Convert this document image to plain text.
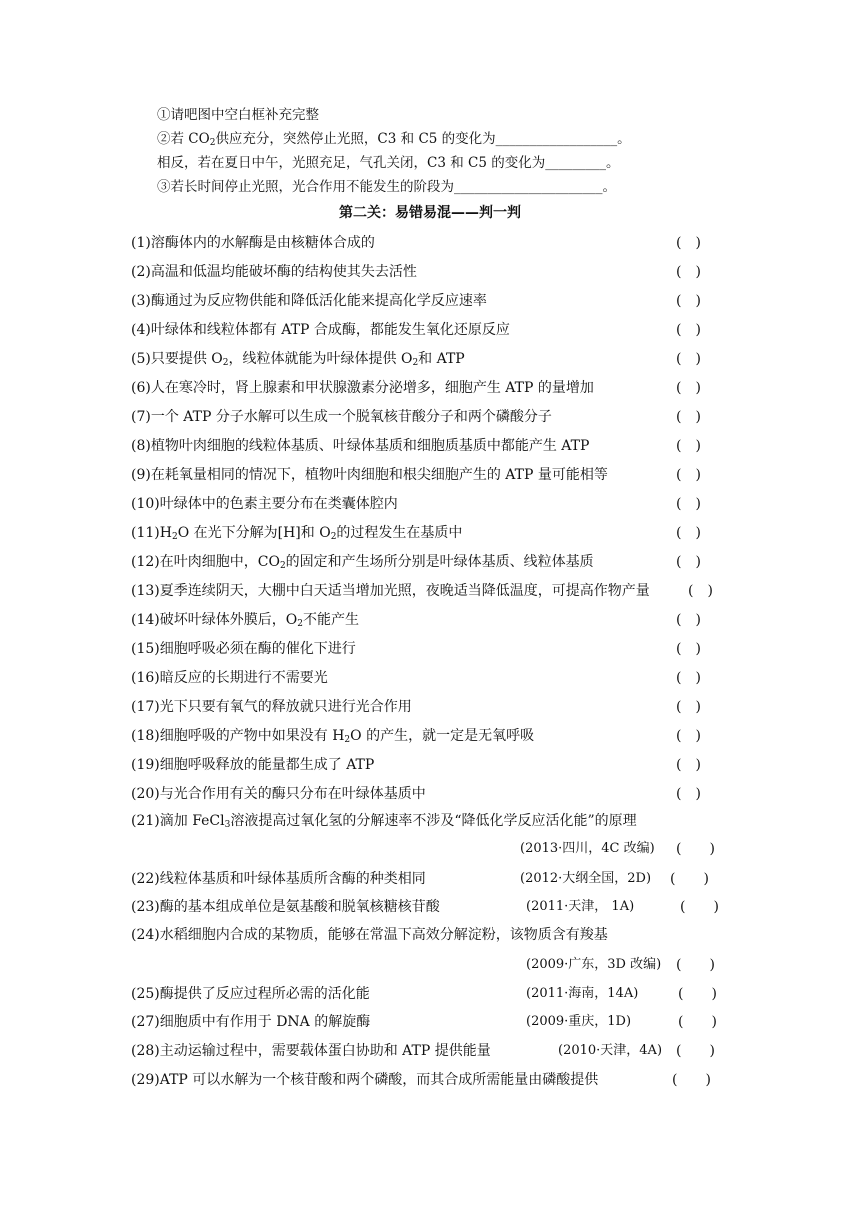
①请吧图中空白框补充完整
②若 $CO_2$供应充分，突然停止光照，C3 和 C5 的变化为__________________。
相反，若在夏日中午，光照充足，气孔关闭，C3 和 C5 的变化为_________。
③若长时间停止光照，光合作用不能发生的阶段为______________________。
第二关：易错易混——判一判
(1)溶酶体内的水解酶是由核糖体合成的	(　)
(2)高温和低温均能破坏酶的结构使其失去活性	(　)
(3)酶通过为反应物供能和降低活化能来提高化学反应速率	(　)
(4)叶绿体和线粒体都有 ATP 合成酶，都能发生氧化还原反应	(　)
(5)只要提供 $O_2$，线粒体就能为叶绿体提供 $O_2$和 ATP	(　)
(6)人在寒冷时，肾上腺素和甲状腺激素分泌增多，细胞产生 ATP 的量增加	(　)
(7)一个 ATP 分子水解可以生成一个脱氧核苷酸分子和两个磷酸分子	(　)
(8)植物叶肉细胞的线粒体基质、叶绿体基质和细胞质基质中都能产生 ATP	(　)
(9)在耗氧量相同的情况下，植物叶肉细胞和根尖细胞产生的 ATP 量可能相等	(　)
(10)叶绿体中的色素主要分布在类囊体腔内	(　)
$(11)H_2O$ 在光下分解为[H]和 $O_2$的过程发生在基质中	(　)
(12)在叶肉细胞中，$CO_2$的固定和产生场所分别是叶绿体基质、线粒体基质	(　)
(13)夏季连续阴天，大棚中白天适当增加光照，夜晚适当降低温度，可提高作物产量	(　)
(14)破坏叶绿体外膜后，$O_2$不能产生	(　)
(15)细胞呼吸必须在酶的催化下进行	(　)
(16)暗反应的长期进行不需要光	(　)
(17)光下只要有氧气的释放就只进行光合作用	(　)
(18)细胞呼吸的产物中如果没有 $H_2O$ 的产生，就一定是无氧呼吸	(　)
(19)细胞呼吸释放的能量都生成了 ATP	(　)
(20)与光合作用有关的酶只分布在叶绿体基质中	(　)
(21)滴加 FeCl$_3$溶液提高过氧化氢的分解速率不涉及“降低化学反应活化能”的原理
(2013·四川，4C 改编) (　　)
(22)线粒体基质和叶绿体基质所含酶的种类相同	(2012·大纲全国，2D) (　　)
(23)酶的基本组成单位是氨基酸和脱氧核糖核苷酸	(2011·天津， 1A)	(　　)
(24)水稻细胞内合成的某物质，能够在常温下高效分解淀粉，该物质含有羧基
(2009·广东，3D 改编) (　　)
(25)酶提供了反应过程所必需的活化能	(2011·海南，14A)	(　　)
(27)细胞质中有作用于 DNA 的解旋酶	(2009·重庆，1D)	(　　)
(28)主动运输过程中，需要载体蛋白协助和 ATP 提供能量	(2010·天津，4A) (　　)
(29)ATP 可以水解为一个核苷酸和两个磷酸，而其合成所需能量由磷酸提供	(　　)
